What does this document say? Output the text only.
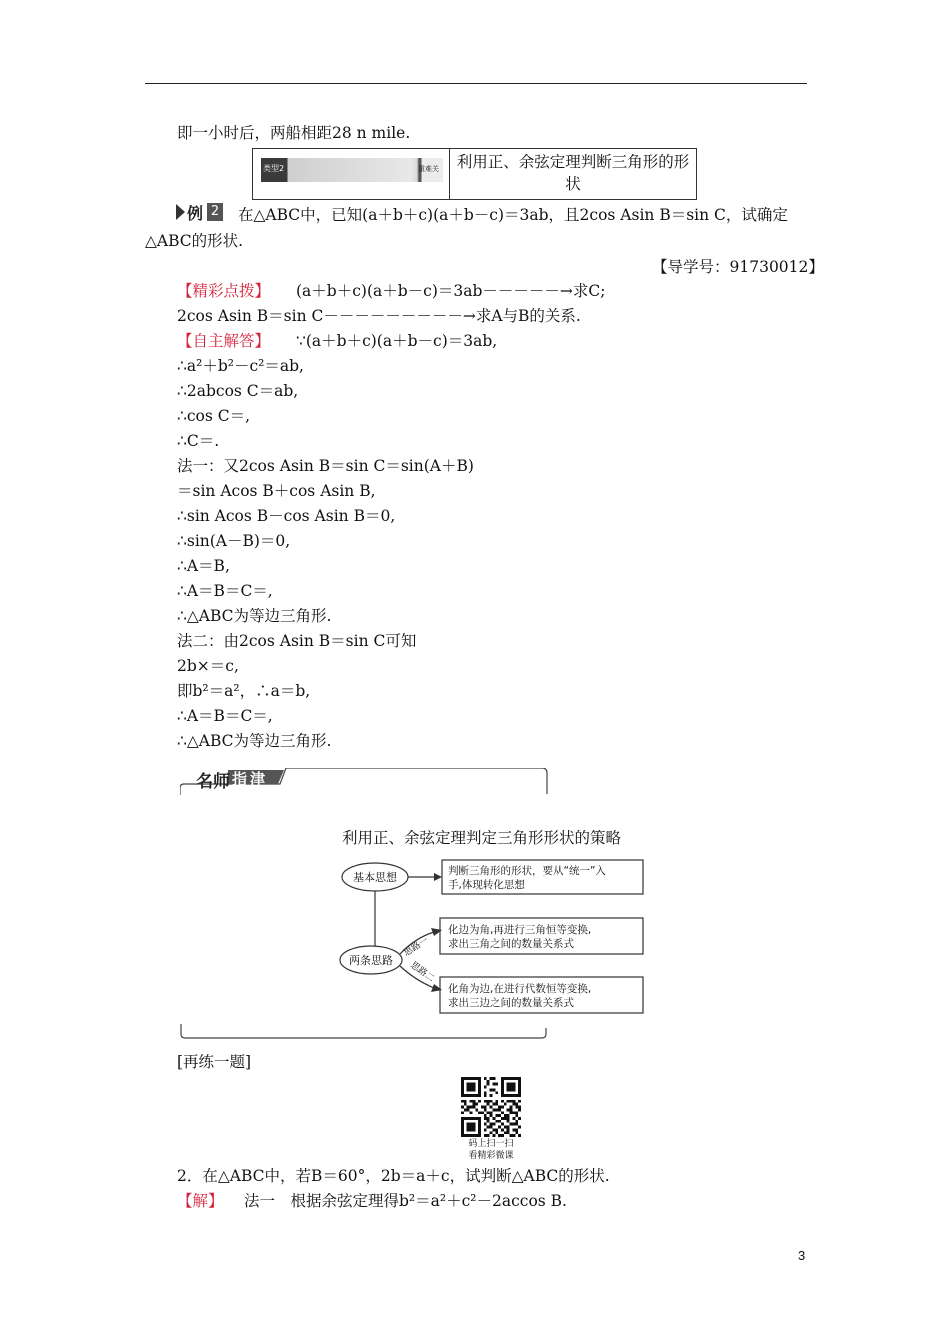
即一小时后，两船相距28 n mile.
类型2	重难关	利用正、余弦定理判断三角形的形状
例 2 在△ABC中，已知(a＋b＋c)(a＋b－c)＝3ab，且2cos Asin B＝sin C，试确定
△ABC的形状.
【导学号：91730012】
【精彩点拨】 (a＋b＋c)(a＋b－c)＝3ab－－－－－→求C;
2cos Asin B＝sin C－－－－－－－－－→求A与B的关系.
【自主解答】 ∵(a＋b＋c)(a＋b－c)＝3ab,
∴a²＋b²－c²＝ab,
∴2abcos C＝ab,
∴cos C＝,
∴C＝.
法一：又2cos Asin B＝sin C＝sin(A＋B)
＝sin Acos B＋cos Asin B,
∴sin Acos B－cos Asin B＝0,
∴sin(A－B)＝0,
∴A＝B,
∴A＝B＝C＝,
∴△ABC为等边三角形.
法二：由2cos Asin B＝sin C可知
2b×＝c,
即b²＝a²，∴a＝b,
∴A＝B＝C＝,
∴△ABC为等边三角形.
名师 指津
利用正、余弦定理判定三角形形状的策略
基本思想
两条思路
判断三角形的形状，要从“统一”入
手,体现转化思想
化边为角,再进行三角恒等变换,
求出三角之间的数量关系式
化角为边,在进行代数恒等变换,
求出三边之间的数量关系式
思路一
思路二
[再练一题]
码上扫一扫
看精彩微课
2．在△ABC中，若B＝60°，2b＝a＋c，试判断△ABC的形状.
【解】 法一　根据余弦定理得b²＝a²＋c²－2accos B.
3
